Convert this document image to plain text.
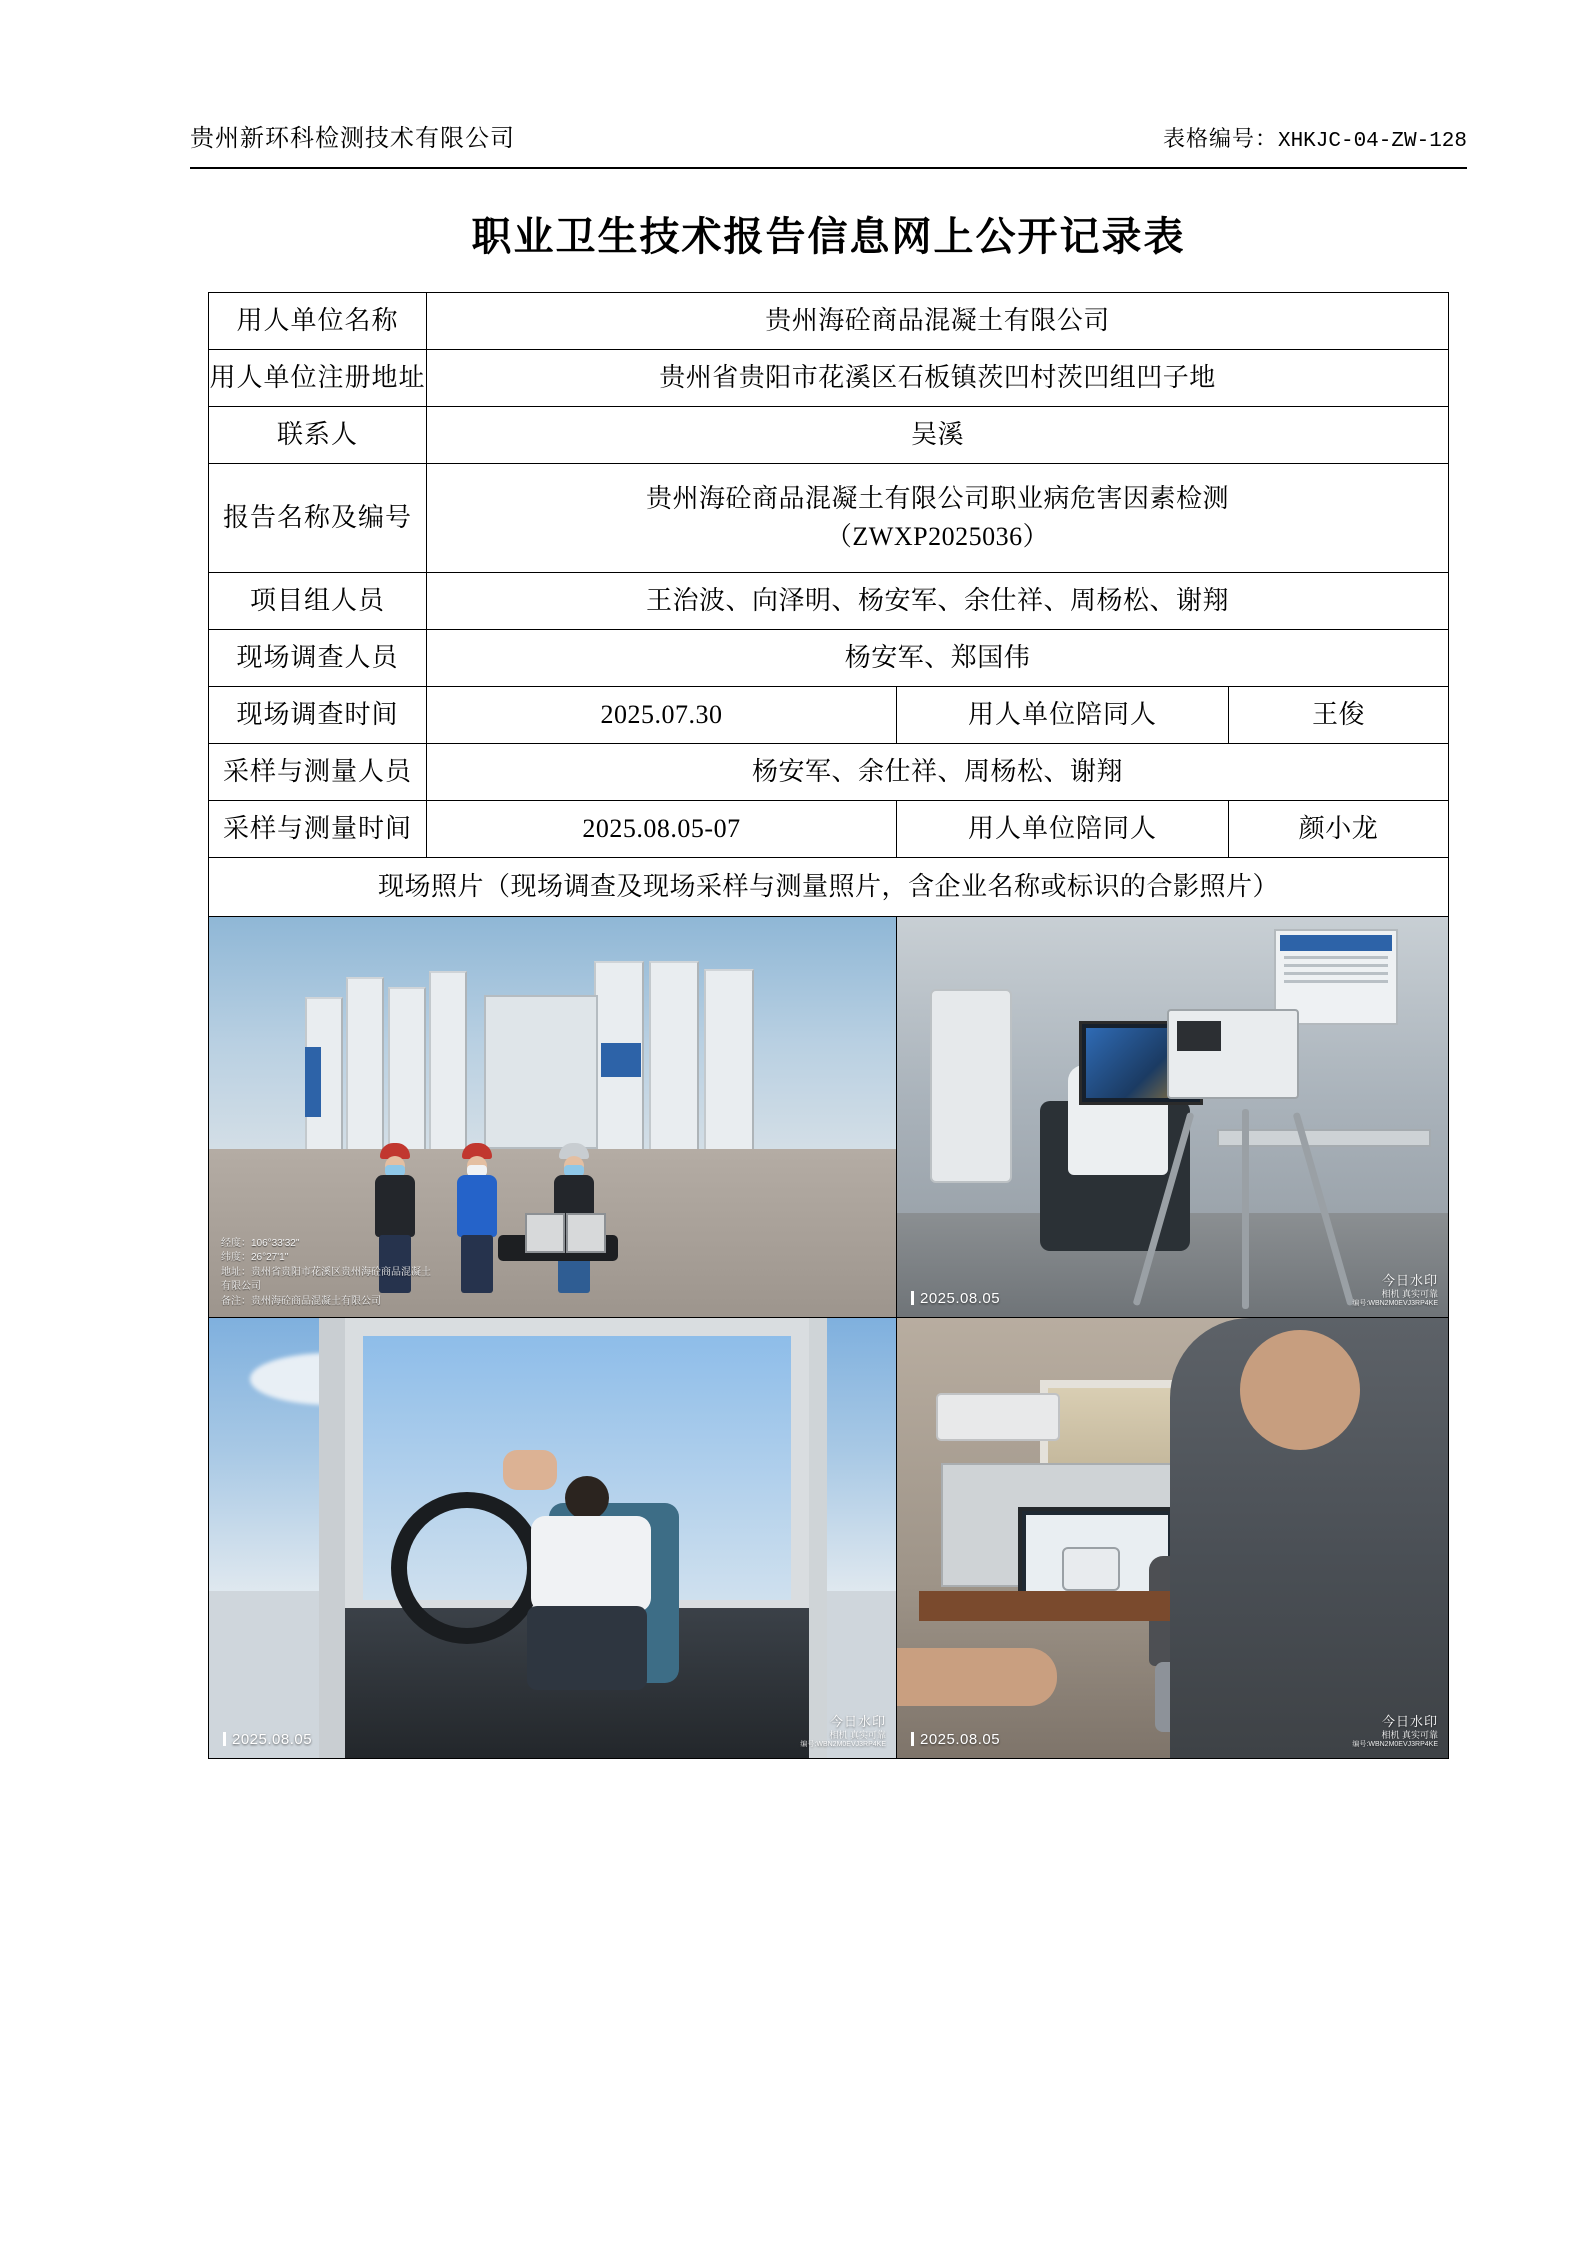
贵州新环科检测技术有限公司	表格编号：XHKJC-04-ZW-128
职业卫生技术报告信息网上公开记录表
用人单位名称	贵州海砼商品混凝土有限公司		
用人单位注册地址	贵州省贵阳市花溪区石板镇茨凹村茨凹组凹子地		
联系人	吴溪		
报告名称及编号	贵州海砼商品混凝土有限公司职业病危害因素检测
（ZWXP2025036）		

项目组人员	王治波、向泽明、杨安军、余仕祥、周杨松、谢翔		
现场调查人员	杨安军、郑国伟		
现场调查时间	2025.07.30	用人单位陪同人	王俊
采样与测量人员	杨安军、余仕祥、周杨松、谢翔		
采样与测量时间	2025.08.05-07	用人单位陪同人	颜小龙
现场照片（现场调查及现场采样与测量照片，含企业名称或标识的合影照片）			

经度：106°33'32"
纬度：26°27'1"
地址：贵州省贵阳市花溪区贵州海砼商品混凝土
有限公司
备注：贵州海砼商品混凝土有限公司	2025.08.05
今日水印
相机 真实可靠
编号:WBN2M0EVJ3RP4KE

2025.08.05
今日水印
相机 真实可靠
编号:WBN2M0EVJ3RP4KE	2025.08.05
今日水印
相机 真实可靠
编号:WBN2M0EVJ3RP4KE
